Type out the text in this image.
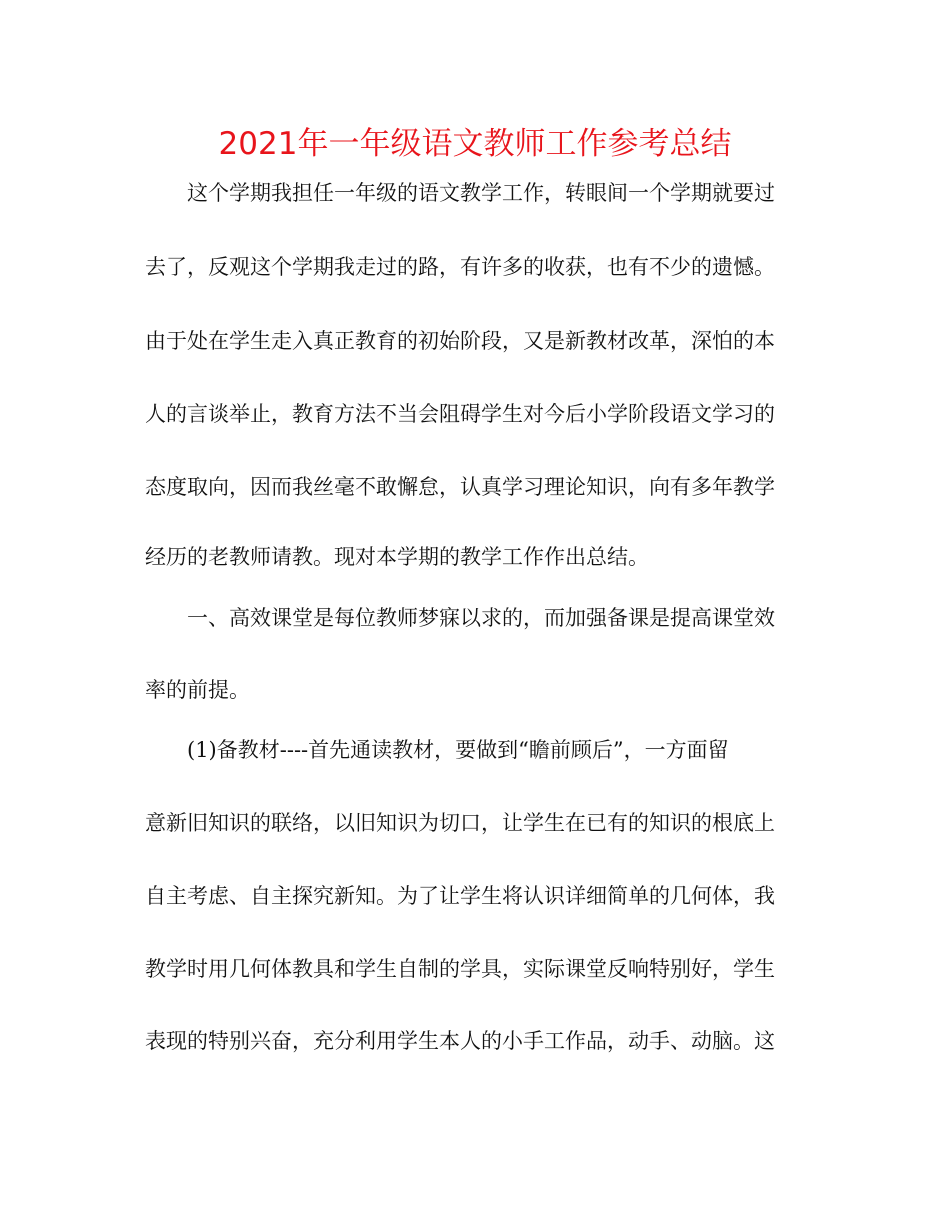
2021年一年级语文教师工作参考总结
这个学期我担任一年级的语文教学工作，转眼间一个学期就要过
去了，反观这个学期我走过的路，有许多的收获，也有不少的遗憾。
由于处在学生走入真正教育的初始阶段，又是新教材改革，深怕的本
人的言谈举止，教育方法不当会阻碍学生对今后小学阶段语文学习的
态度取向，因而我丝毫不敢懈怠，认真学习理论知识，向有多年教学
经历的老教师请教。现对本学期的教学工作作出总结。
一、高效课堂是每位教师梦寐以求的，而加强备课是提高课堂效
率的前提。
(1)备教材----首先通读教材，要做到“瞻前顾后”，一方面留
意新旧知识的联络，以旧知识为切口，让学生在已有的知识的根底上
自主考虑、自主探究新知。为了让学生将认识详细简单的几何体，我
教学时用几何体教具和学生自制的学具，实际课堂反响特别好，学生
表现的特别兴奋，充分利用学生本人的小手工作品，动手、动脑。这
